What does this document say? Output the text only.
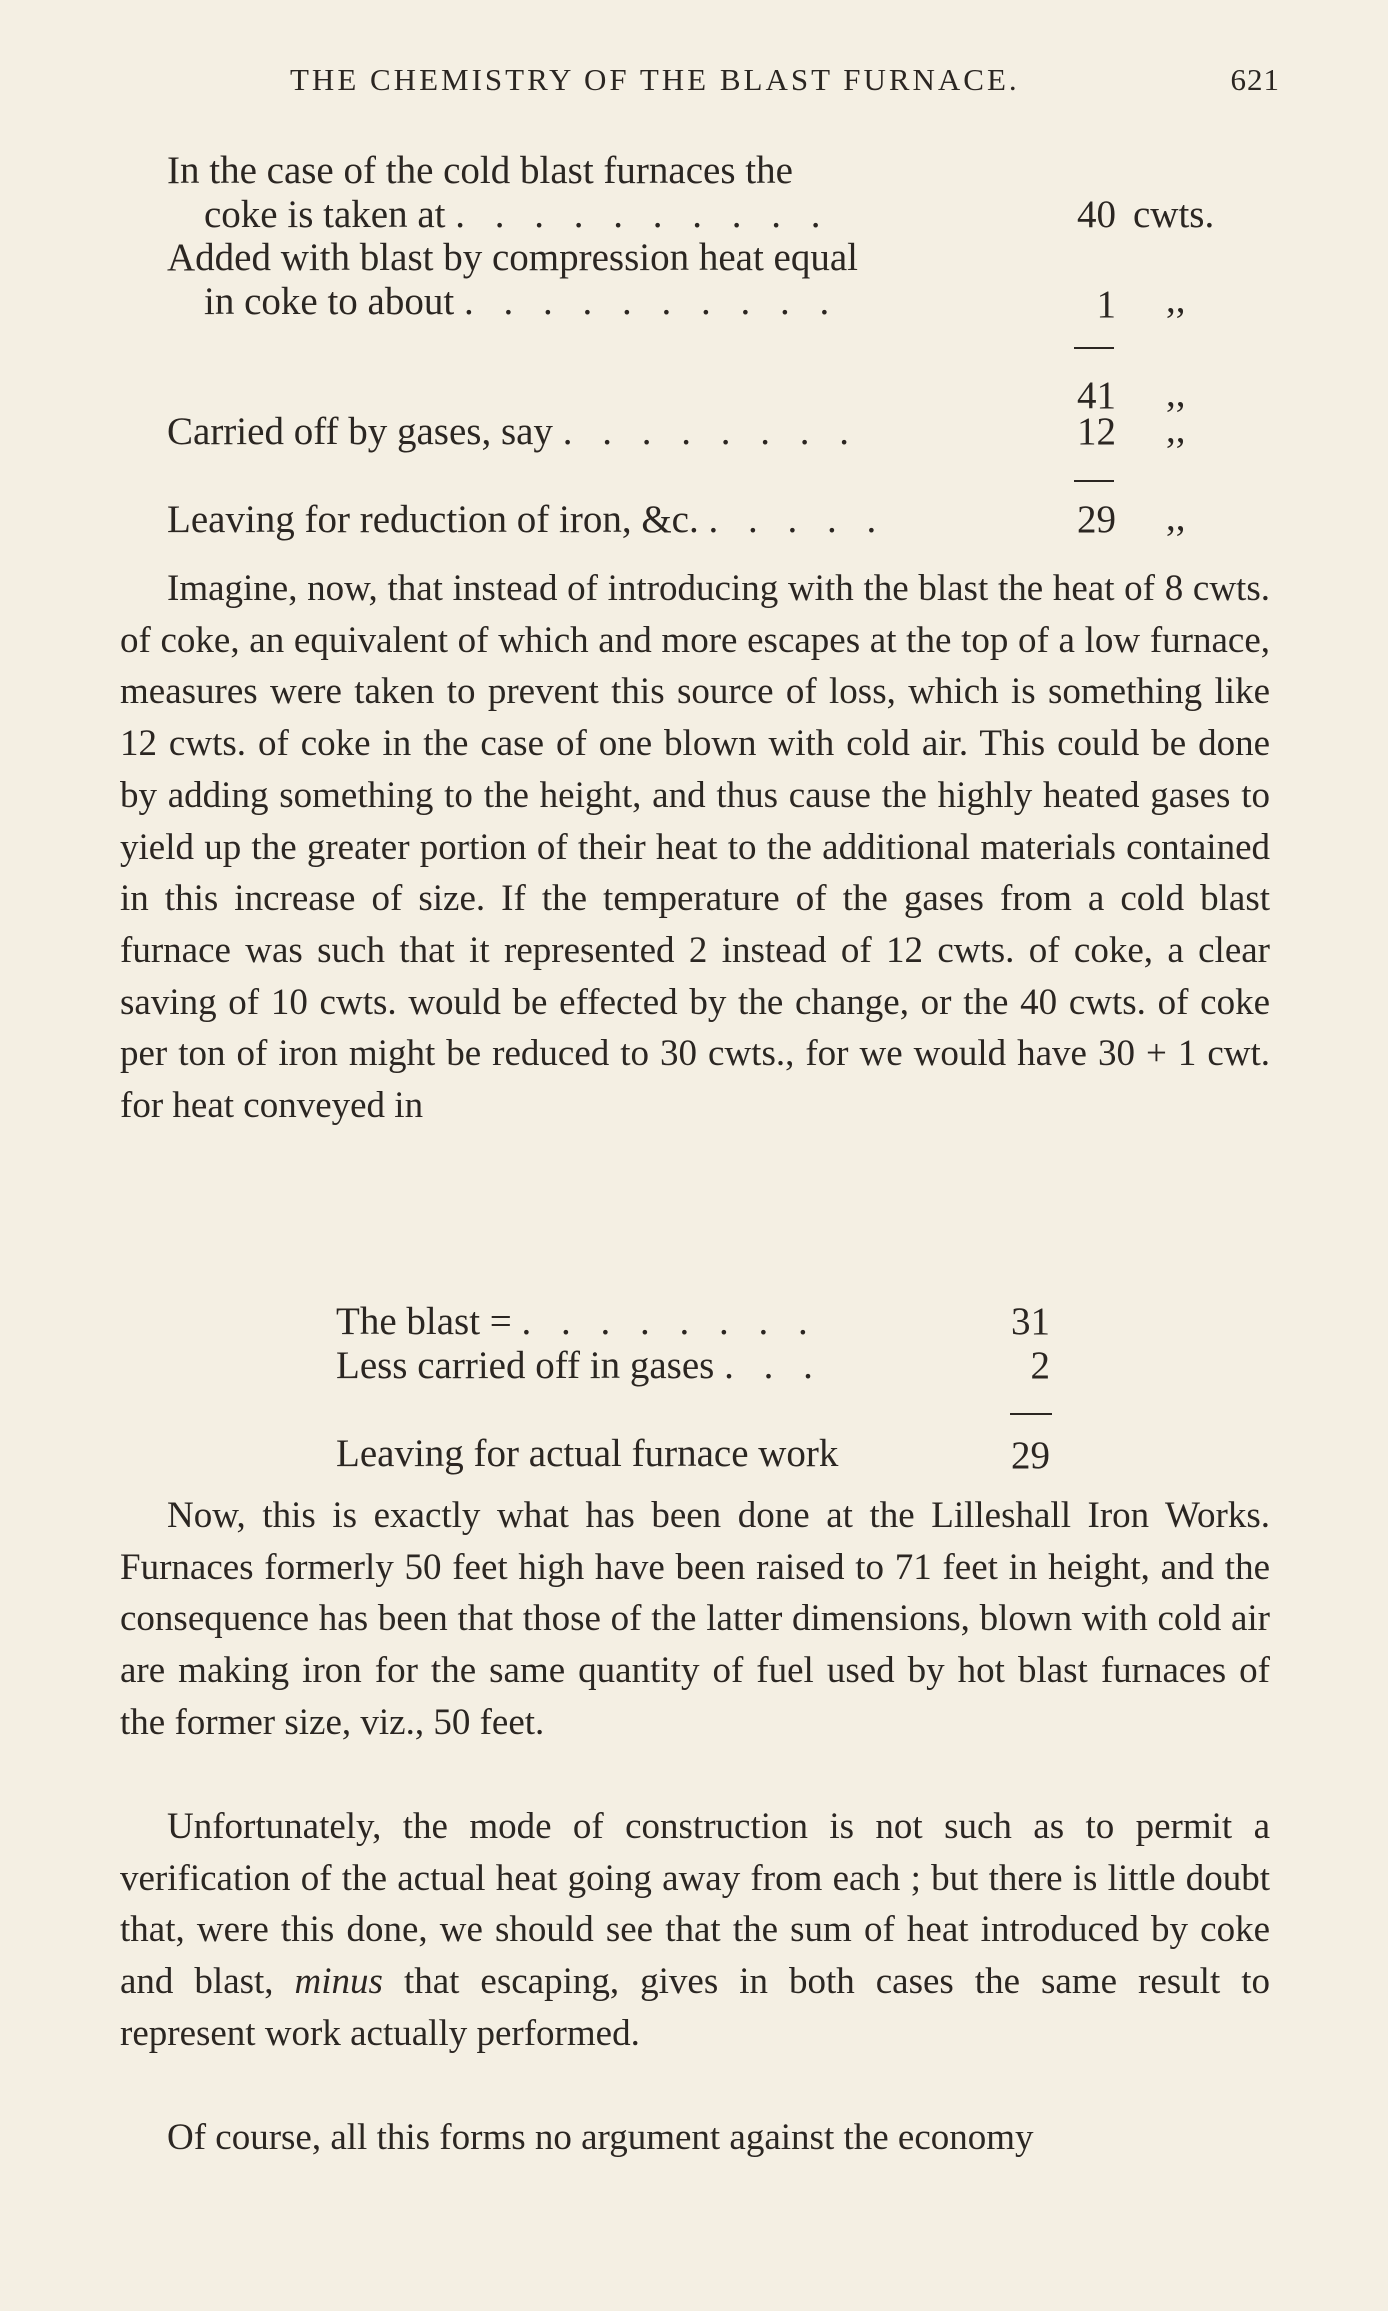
THE CHEMISTRY OF THE BLAST FURNACE.	621
In the case of the cold blast furnaces the
coke is taken at . . . . . . . . . .	40 cwts.
Added with blast by compression heat equal
in coke to about . . . . . . . . . .	1 ,,
41 ,,
Carried off by gases, say . . . . . . . .	12 ,,
Leaving for reduction of iron, &c. . . . . .	29 ,,

Imagine, now, that instead of introducing with the blast the heat of 8 cwts. of coke, an equivalent of which and more escapes at the top of a low furnace, measures were taken to prevent this source of loss, which is something like 12 cwts. of coke in the case of one blown with cold air. This could be done by adding something to the height, and thus cause the highly heated gases to yield up the greater portion of their heat to the additional materials contained in this increase of size. If the temperature of the gases from a cold blast furnace was such that it represented 2 instead of 12 cwts. of coke, a clear saving of 10 cwts. would be effected by the change, or the 40 cwts. of coke per ton of iron might be reduced to 30 cwts., for we would have 30 + 1 cwt. for heat conveyed in

The blast = . . . . . . . .	31
Less carried off in gases . . .	2
Leaving for actual furnace work	29

Now, this is exactly what has been done at the Lilleshall Iron Works. Furnaces formerly 50 feet high have been raised to 71 feet in height, and the consequence has been that those of the latter dimensions, blown with cold air are making iron for the same quantity of fuel used by hot blast furnaces of the former size, viz., 50 feet.

Unfortunately, the mode of construction is not such as to permit a verification of the actual heat going away from each ; but there is little doubt that, were this done, we should see that the sum of heat introduced by coke and blast, minus that escaping, gives in both cases the same result to represent work actually performed.

Of course, all this forms no argument against the economy
